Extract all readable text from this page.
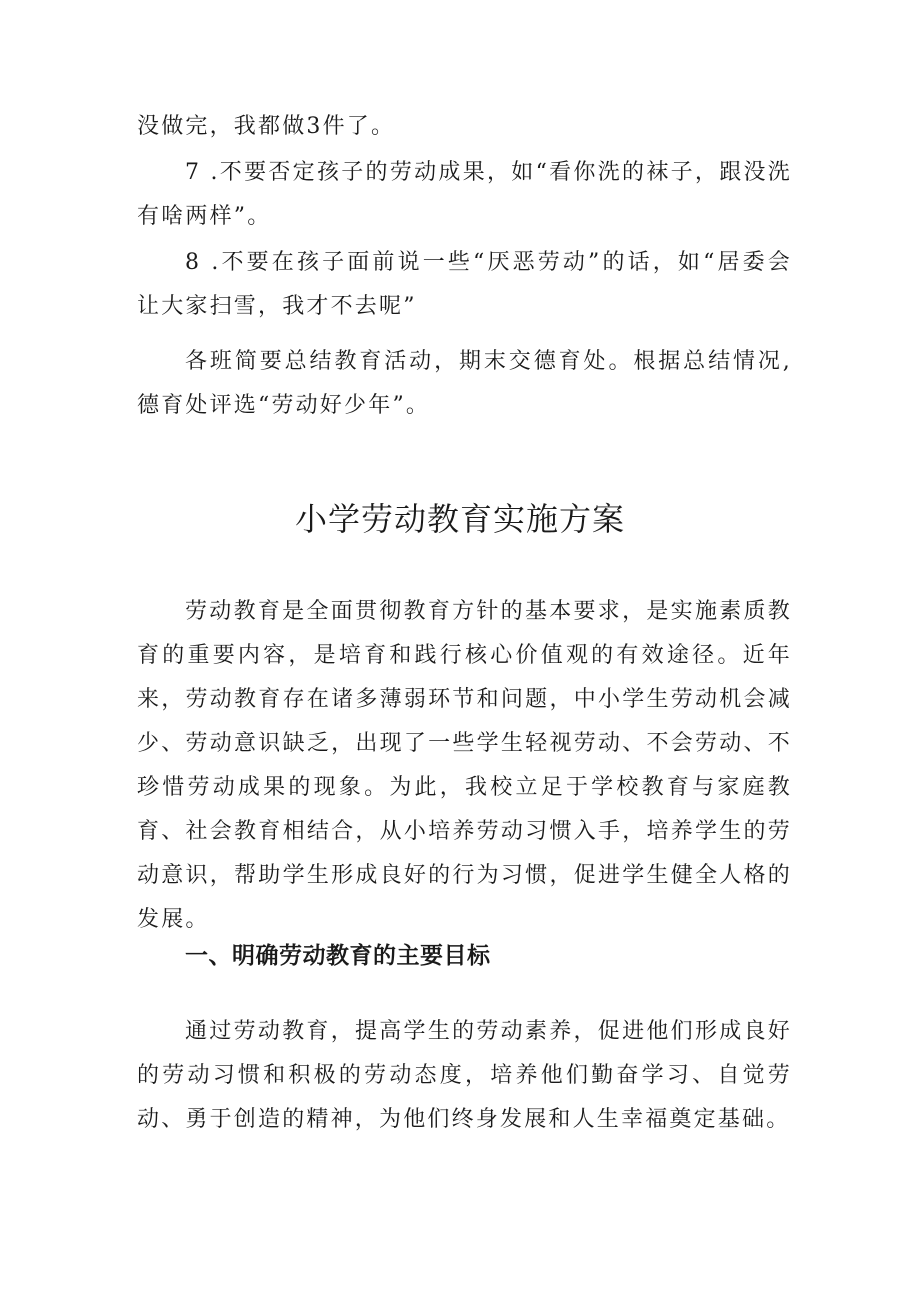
没做完，我都做3件了。

7 .不要否定孩子的劳动成果，如“看你洗的袜子，跟没洗有啥两样”。

8 .不要在孩子面前说一些“厌恶劳动”的话，如“居委会让大家扫雪，我才不去呢”

各班简要总结教育活动，期末交德育处。根据总结情况,德育处评选“劳动好少年”。

小学劳动教育实施方案

劳动教育是全面贯彻教育方针的基本要求，是实施素质教育的重要内容，是培育和践行核心价值观的有效途径。近年来，劳动教育存在诸多薄弱环节和问题，中小学生劳动机会减少、劳动意识缺乏，出现了一些学生轻视劳动、不会劳动、不珍惜劳动成果的现象。为此，我校立足于学校教育与家庭教育、社会教育相结合，从小培养劳动习惯入手，培养学生的劳动意识，帮助学生形成良好的行为习惯，促进学生健全人格的发展。

一、明确劳动教育的主要目标

通过劳动教育，提高学生的劳动素养，促进他们形成良好的劳动习惯和积极的劳动态度，培养他们勤奋学习、自觉劳动、勇于创造的精神，为他们终身发展和人生幸福奠定基础。
